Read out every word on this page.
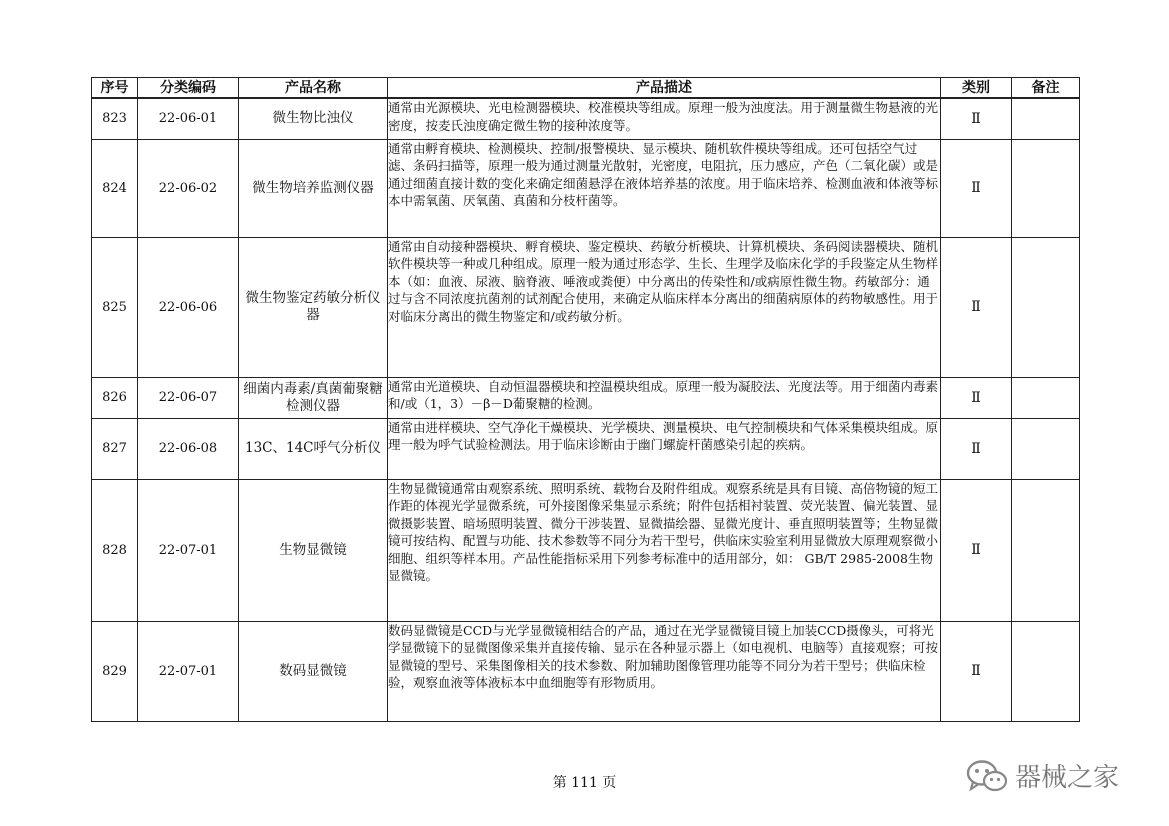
序号	分类编码	产品名称	产品描述	类别	备注
823	22-06-01	微生物比浊仪	通常由光源模块、光电检测器模块、校准模块等组成。原理一般为浊度法。用于测量微生物悬液的光密度，按麦氏浊度确定微生物的接种浓度等。	Ⅱ	
824	22-06-02	微生物培养监测仪器	通常由孵育模块、检测模块、控制/报警模块、显示模块、随机软件模块等组成。还可包括空气过滤、条码扫描等，原理一般为通过测量光散射，光密度，电阻抗，压力感应，产色（二氧化碳）或是通过细菌直接计数的变化来确定细菌悬浮在液体培养基的浓度。用于临床培养、检测血液和体液等标本中需氧菌、厌氧菌、真菌和分枝杆菌等。	Ⅱ	
825	22-06-06	微生物鉴定药敏分析仪器	通常由自动接种器模块、孵育模块、鉴定模块、药敏分析模块、计算机模块、条码阅读器模块、随机软件模块等一种或几种组成。原理一般为通过形态学、生长、生理学及临床化学的手段鉴定从生物样本（如：血液、尿液、脑脊液、唾液或粪便）中分离出的传染性和/或病原性微生物。药敏部分：通过与含不同浓度抗菌剂的试剂配合使用，来确定从临床样本分离出的细菌病原体的药物敏感性。用于对临床分离出的微生物鉴定和/或药敏分析。	Ⅱ	
826	22-06-07	细菌内毒素/真菌葡聚糖检测仪器	通常由光道模块、自动恒温器模块和控温模块组成。原理一般为凝胶法、光度法等。用于细菌内毒素和/或（1，3）－β－D葡聚糖的检测。	Ⅱ	
827	22-06-08	13C、14C呼气分析仪	通常由进样模块、空气净化干燥模块、光学模块、测量模块、电气控制模块和气体采集模块组成。原理一般为呼气试验检测法。用于临床诊断由于幽门螺旋杆菌感染引起的疾病。	Ⅱ	
828	22-07-01	生物显微镜	生物显微镜通常由观察系统、照明系统、载物台及附件组成。观察系统是具有目镜、高倍物镜的短工作距的体视光学显微系统，可外接图像采集显示系统；附件包括相衬装置、荧光装置、偏光装置、显微摄影装置、暗场照明装置、微分干涉装置、显微描绘器、显微光度计、垂直照明装置等；生物显微镜可按结构、配置与功能、技术参数等不同分为若干型号，供临床实验室利用显微放大原理观察微小细胞、组织等样本用。产品性能指标采用下列参考标准中的适用部分，如： GB/T 2985-2008生物显微镜。	Ⅱ	
829	22-07-01	数码显微镜	数码显微镜是CCD与光学显微镜相结合的产品，通过在光学显微镜目镜上加装CCD摄像头，可将光学显微镜下的显微图像采集并直接传输、显示在各种显示器上（如电视机、电脑等）直接观察；可按显微镜的型号、采集图像相关的技术参数、附加辅助图像管理功能等不同分为若干型号；供临床检验，观察血液等体液标本中血细胞等有形物质用。	Ⅱ	
第 111 页	器械之家
